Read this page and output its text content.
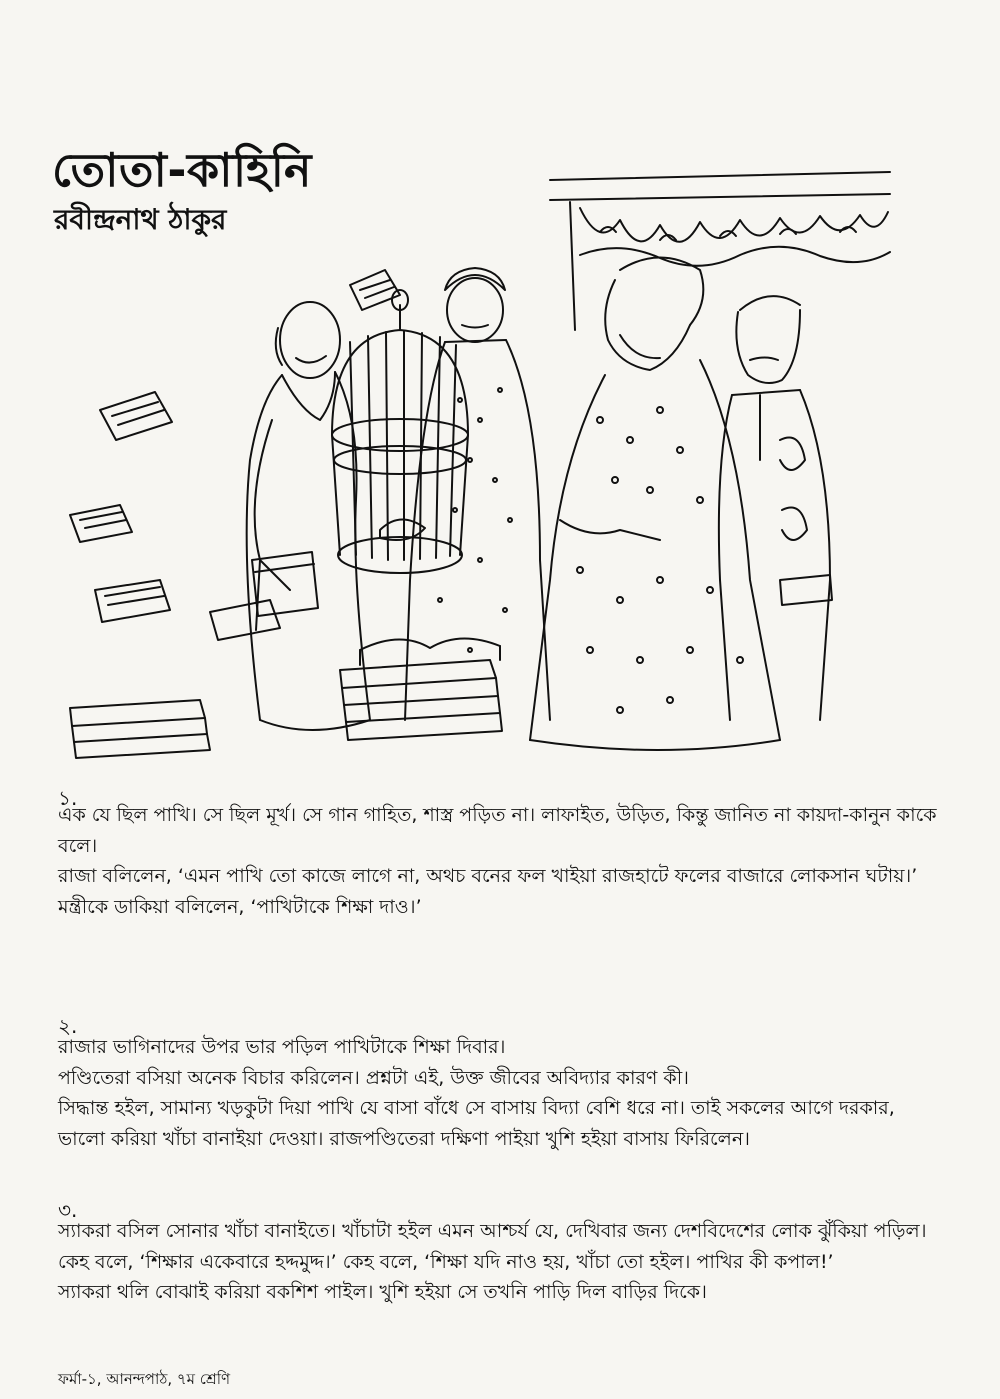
তোতা-কাহিনি
রবীন্দ্রনাথ ঠাকুর
১.

এক যে ছিল পাখি। সে ছিল মূর্খ। সে গান গাহিত, শাস্ত্র পড়িত না। লাফাইত, উড়িত, কিন্তু জানিত না কায়দা-কানুন কাকে বলে।

রাজা বলিলেন, ‘এমন পাখি তো কাজে লাগে না, অথচ বনের ফল খাইয়া রাজহাটে ফলের বাজারে লোকসান ঘটায়।’

মন্ত্রীকে ডাকিয়া বলিলেন, ‘পাখিটাকে শিক্ষা দাও।’

২.

রাজার ভাগিনাদের উপর ভার পড়িল পাখিটাকে শিক্ষা দিবার।

পণ্ডিতেরা বসিয়া অনেক বিচার করিলেন। প্রশ্নটা এই, উক্ত জীবের অবিদ্যার কারণ কী।

সিদ্ধান্ত হইল, সামান্য খড়কুটা দিয়া পাখি যে বাসা বাঁধে সে বাসায় বিদ্যা বেশি ধরে না। তাই সকলের আগে দরকার, ভালো করিয়া খাঁচা বানাইয়া দেওয়া। রাজপণ্ডিতেরা দক্ষিণা পাইয়া খুশি হইয়া বাসায় ফিরিলেন।

৩.

স্যাকরা বসিল সোনার খাঁচা বানাইতে। খাঁচাটা হইল এমন আশ্চর্য যে, দেখিবার জন্য দেশবিদেশের লোক ঝুঁকিয়া পড়িল। কেহ বলে, ‘শিক্ষার একেবারে হদ্দমুদ্দ।’ কেহ বলে, ‘শিক্ষা যদি নাও হয়, খাঁচা তো হইল। পাখির কী কপাল!’

স্যাকরা থলি বোঝাই করিয়া বকশিশ পাইল। খুশি হইয়া সে তখনি পাড়ি দিল বাড়ির দিকে।

ফর্মা-১, আনন্দপাঠ, ৭ম শ্রেণি
